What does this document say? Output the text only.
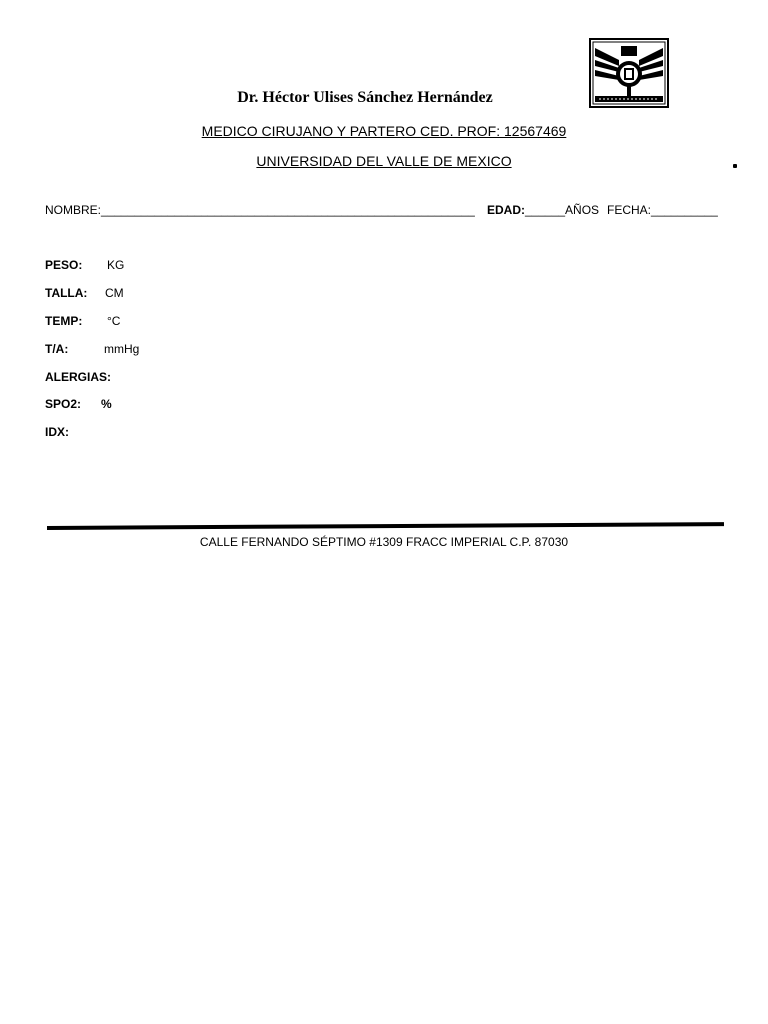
Dr. Héctor Ulises Sánchez Hernández
MEDICO CIRUJANO Y PARTERO CED. PROF: 12567469
UNIVERSIDAD DEL VALLE DE MEXICO
NOMBRE:________________________________________________________ EDAD:______AÑOS FECHA:__________
PESO: KG
TALLA: CM
TEMP: °C
T/A:	mmHg
ALERGIAS:
SPO2: %
IDX:
CALLE FERNANDO SÉPTIMO #1309 FRACC IMPERIAL C.P. 87030
